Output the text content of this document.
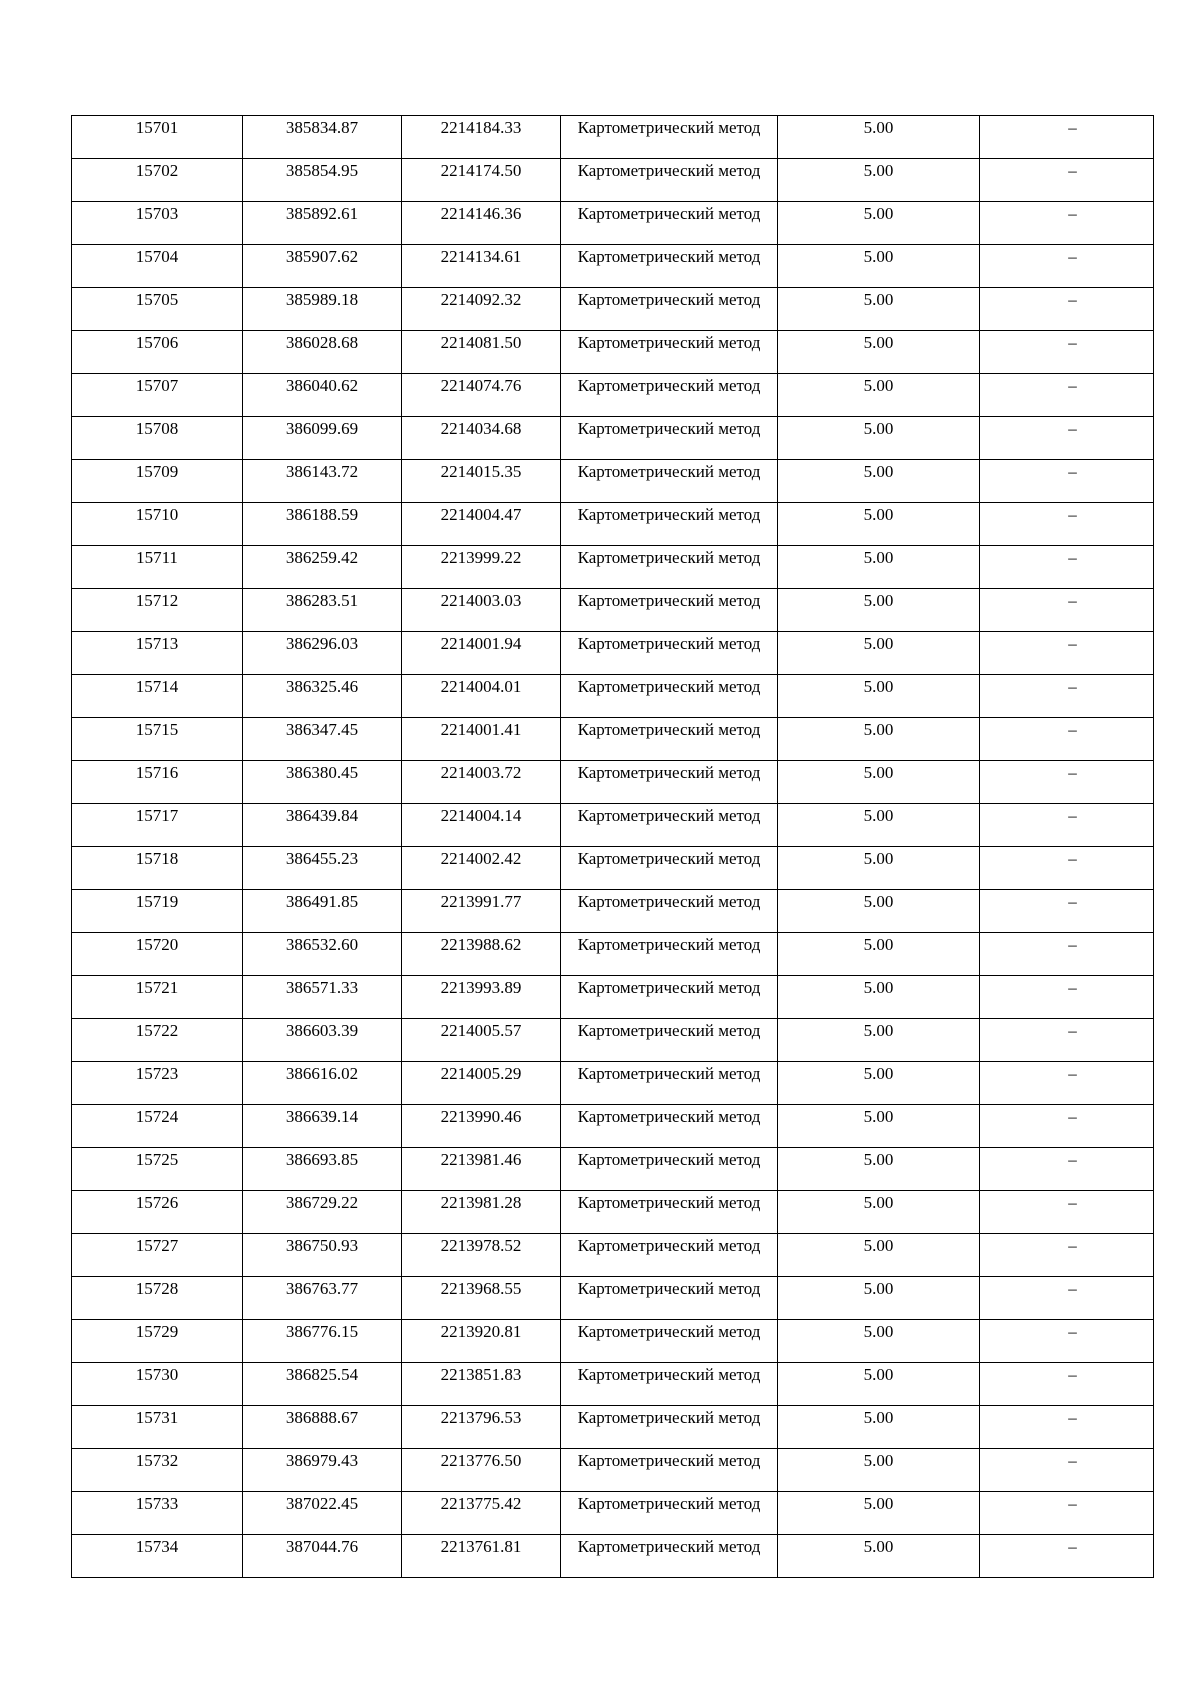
15701	385834.87	2214184.33	Картометрический метод	5.00	–

15702	385854.95	2214174.50	Картометрический метод	5.00	–

15703	385892.61	2214146.36	Картометрический метод	5.00	–

15704	385907.62	2214134.61	Картометрический метод	5.00	–

15705	385989.18	2214092.32	Картометрический метод	5.00	–

15706	386028.68	2214081.50	Картометрический метод	5.00	–

15707	386040.62	2214074.76	Картометрический метод	5.00	–

15708	386099.69	2214034.68	Картометрический метод	5.00	–

15709	386143.72	2214015.35	Картометрический метод	5.00	–

15710	386188.59	2214004.47	Картометрический метод	5.00	–

15711	386259.42	2213999.22	Картометрический метод	5.00	–

15712	386283.51	2214003.03	Картометрический метод	5.00	–

15713	386296.03	2214001.94	Картометрический метод	5.00	–

15714	386325.46	2214004.01	Картометрический метод	5.00	–

15715	386347.45	2214001.41	Картометрический метод	5.00	–

15716	386380.45	2214003.72	Картометрический метод	5.00	–

15717	386439.84	2214004.14	Картометрический метод	5.00	–

15718	386455.23	2214002.42	Картометрический метод	5.00	–

15719	386491.85	2213991.77	Картометрический метод	5.00	–

15720	386532.60	2213988.62	Картометрический метод	5.00	–

15721	386571.33	2213993.89	Картометрический метод	5.00	–

15722	386603.39	2214005.57	Картометрический метод	5.00	–

15723	386616.02	2214005.29	Картометрический метод	5.00	–

15724	386639.14	2213990.46	Картометрический метод	5.00	–

15725	386693.85	2213981.46	Картометрический метод	5.00	–

15726	386729.22	2213981.28	Картометрический метод	5.00	–

15727	386750.93	2213978.52	Картометрический метод	5.00	–

15728	386763.77	2213968.55	Картометрический метод	5.00	–

15729	386776.15	2213920.81	Картометрический метод	5.00	–

15730	386825.54	2213851.83	Картометрический метод	5.00	–

15731	386888.67	2213796.53	Картометрический метод	5.00	–

15732	386979.43	2213776.50	Картометрический метод	5.00	–

15733	387022.45	2213775.42	Картометрический метод	5.00	–

15734	387044.76	2213761.81	Картометрический метод	5.00	–
